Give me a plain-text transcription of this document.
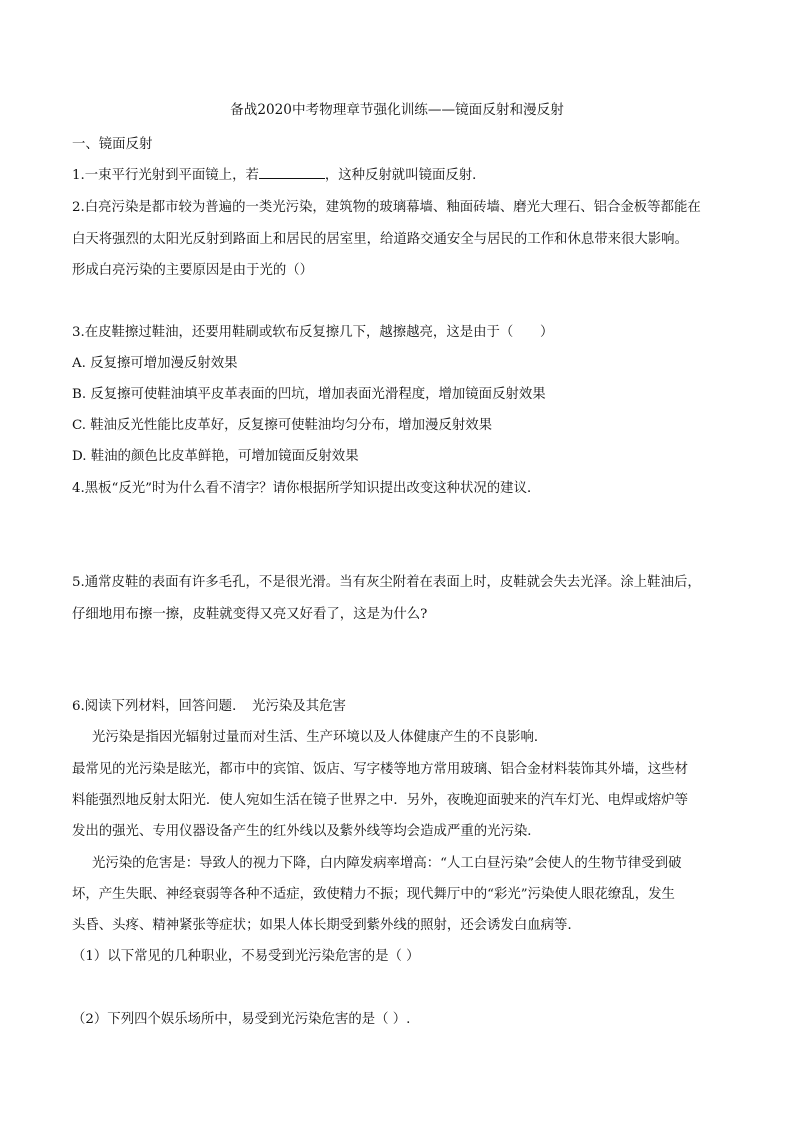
备战2020中考物理章节强化训练——镜面反射和漫反射
一、镜面反射
1.一束平行光射到平面镜上，若	，这种反射就叫镜面反射．
2.白亮污染是都市较为普遍的一类光污染，建筑物的玻璃幕墙、釉面砖墙、磨光大理石、铝合金板等都能在
白天将强烈的太阳光反射到路面上和居民的居室里，给道路交通安全与居民的工作和休息带来很大影响。
形成白亮污染的主要原因是由于光的（）
3.在皮鞋擦过鞋油，还要用鞋刷或软布反复擦几下，越擦越亮，这是由于（　　）
A. 反复擦可增加漫反射效果
B. 反复擦可使鞋油填平皮革表面的凹坑，增加表面光滑程度，增加镜面反射效果
C. 鞋油反光性能比皮革好，反复擦可使鞋油均匀分布，增加漫反射效果
D. 鞋油的颜色比皮革鲜艳，可增加镜面反射效果
4.黑板“反光”时为什么看不清字？请你根据所学知识提出改变这种状况的建议．
5.通常皮鞋的表面有许多毛孔，不是很光滑。当有灰尘附着在表面上时，皮鞋就会失去光泽。涂上鞋油后，
仔细地用布擦一擦，皮鞋就变得又亮又好看了，这是为什么?
6.阅读下列材料，回答问题．　光污染及其危害
光污染是指因光辐射过量而对生活、生产环境以及人体健康产生的不良影响．
最常见的光污染是眩光，都市中的宾馆、饭店、写字楼等地方常用玻璃、铝合金材料装饰其外墙，这些材
料能强烈地反射太阳光．使人宛如生活在镜子世界之中．另外，夜晚迎面驶来的汽车灯光、电焊或熔炉等
发出的强光、专用仪器设备产生的红外线以及紫外线等均会造成严重的光污染．
光污染的危害是：导致人的视力下降，白内障发病率增高：“人工白昼污染”会使人的生物节律受到破
坏，产生失眠、神经衰弱等各种不适症，致使精力不振；现代舞厅中的“彩光”污染使人眼花缭乱，发生
头昏、头疼、精神紧张等症状；如果人体长期受到紫外线的照射，还会诱发白血病等．
（1）以下常见的几种职业，不易受到光污染危害的是（ ）
（2）下列四个娱乐场所中，易受到光污染危害的是（ ）.
